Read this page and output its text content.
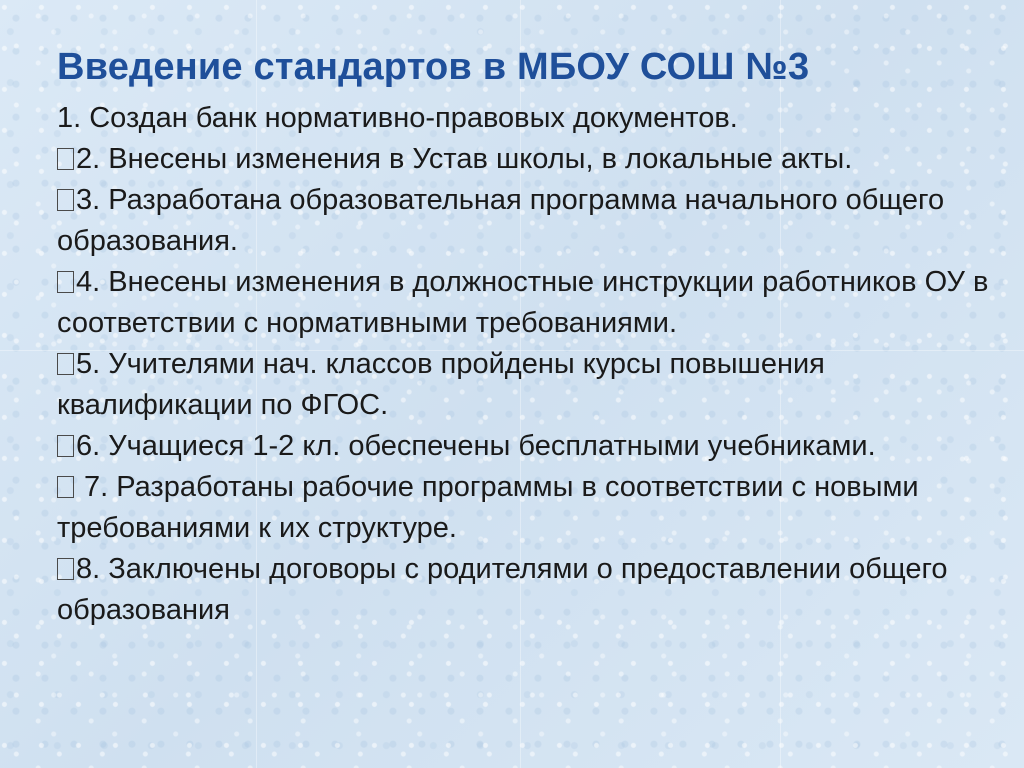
Введение стандартов в МБОУ СОШ №3
1. Создан банк нормативно-правовых документов.
2. Внесены изменения в Устав школы, в локальные акты.
3. Разработана образовательная программа начального общего образования.
4. Внесены изменения в должностные инструкции работников ОУ в соответствии с нормативными требованиями.
5. Учителями нач. классов пройдены курсы повышения квалификации по ФГОС.
6. Учащиеся 1-2 кл. обеспечены бесплатными учебниками.
7. Разработаны рабочие программы в соответствии с новыми требованиями к их структуре.
8. Заключены договоры с родителями о предоставлении общего образования
